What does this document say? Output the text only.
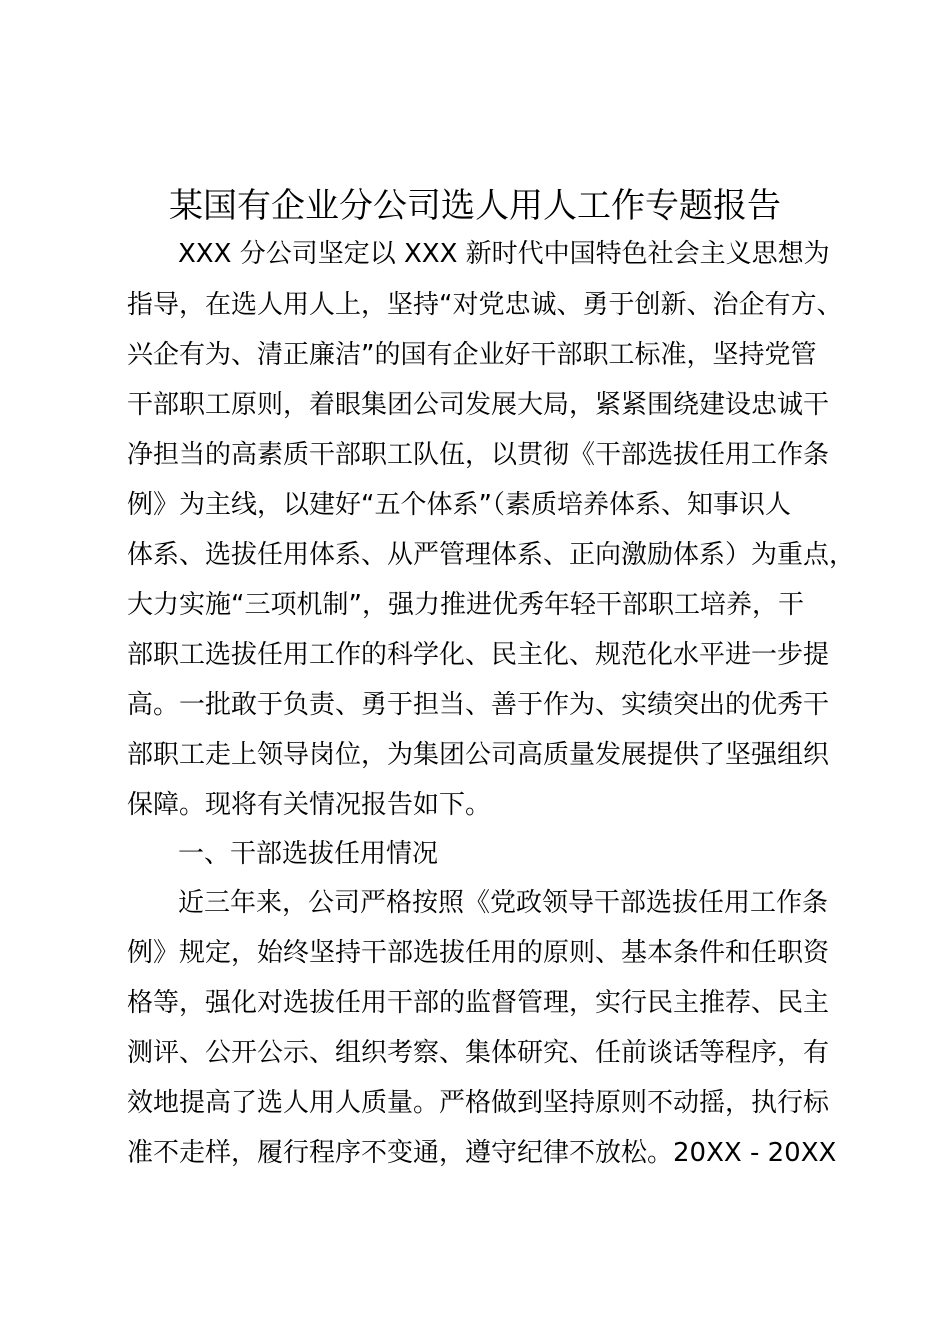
某国有企业分公司选人用人工作专题报告
XXX 分公司坚定以 XXX 新时代中国特色社会主义思想为
指导，在选人用人上，坚持“对党忠诚、勇于创新、治企有方、
兴企有为、清正廉洁”的国有企业好干部职工标准，坚持党管
干部职工原则，着眼集团公司发展大局，紧紧围绕建设忠诚干
净担当的高素质干部职工队伍，以贯彻《干部选拔任用工作条
例》为主线，以建好“五个体系”（素质培养体系、知事识人
体系、选拔任用体系、从严管理体系、正向激励体系）为重点，
大力实施“三项机制”，强力推进优秀年轻干部职工培养，干
部职工选拔任用工作的科学化、民主化、规范化水平进一步提
高。一批敢于负责、勇于担当、善于作为、实绩突出的优秀干
部职工走上领导岗位，为集团公司高质量发展提供了坚强组织
保障。现将有关情况报告如下。
一、干部选拔任用情况
近三年来，公司严格按照《党政领导干部选拔任用工作条
例》规定，始终坚持干部选拔任用的原则、基本条件和任职资
格等，强化对选拔任用干部的监督管理，实行民主推荐、民主
测评、公开公示、组织考察、集体研究、任前谈话等程序，有
效地提高了选人用人质量。严格做到坚持原则不动摇，执行标
准不走样，履行程序不变通，遵守纪律不放松。20XX - 20XX
